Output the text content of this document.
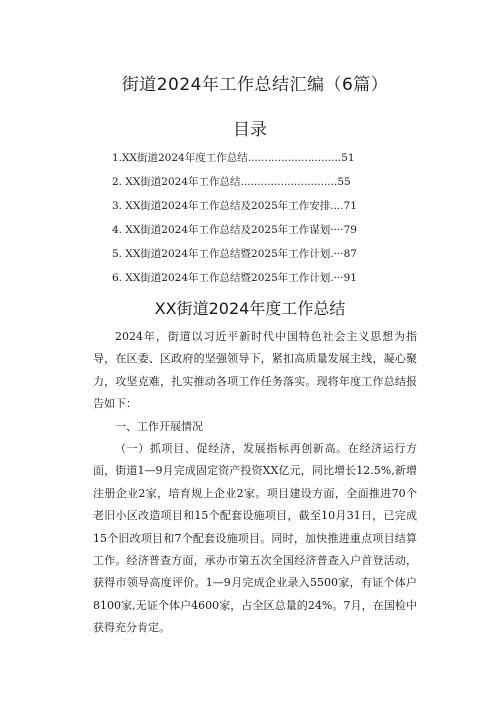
街道2024年工作总结汇编（6篇）
目录
1.XX街道2024年度工作总结............................51
2. XX街道2024年工作总结.............................55
3. XX街道2024年工作总结及2025年工作安排....71
4. XX街道2024年工作总结及2025年工作谋划····79
5. XX街道2024年工作总结暨2025年工作计划.···87
6. XX街道2024年工作总结暨2025年工作计划.···91
XX街道2024年度工作总结

2024年，街道以习近平新时代中国特色社会主义思想为指导，在区委、区政府的坚强领导下，紧扣高质量发展主线，凝心聚力，攻坚克难，扎实推动各项工作任务落实。现将年度工作总结报告如下：

一、工作开展情况

（一）抓项目、促经济，发展指标再创新高。在经济运行方面，街道1—9月完成固定资产投资XX亿元，同比增长12.5%,新增注册企业2家，培育规上企业2家。项目建设方面，全面推进70个老旧小区改造项目和15个配套设施项目，截至10月31日，已完成15个旧改项目和7个配套设施项目。同时，加快推进重点项目结算工作。经济普查方面，承办市第五次全国经济普查入户首登活动，获得市领导高度评价。1—9月完成企业录入5500家，有证个体户8100家,无证个体户4600家，占全区总量的24%。7月，在国检中获得充分肯定。
